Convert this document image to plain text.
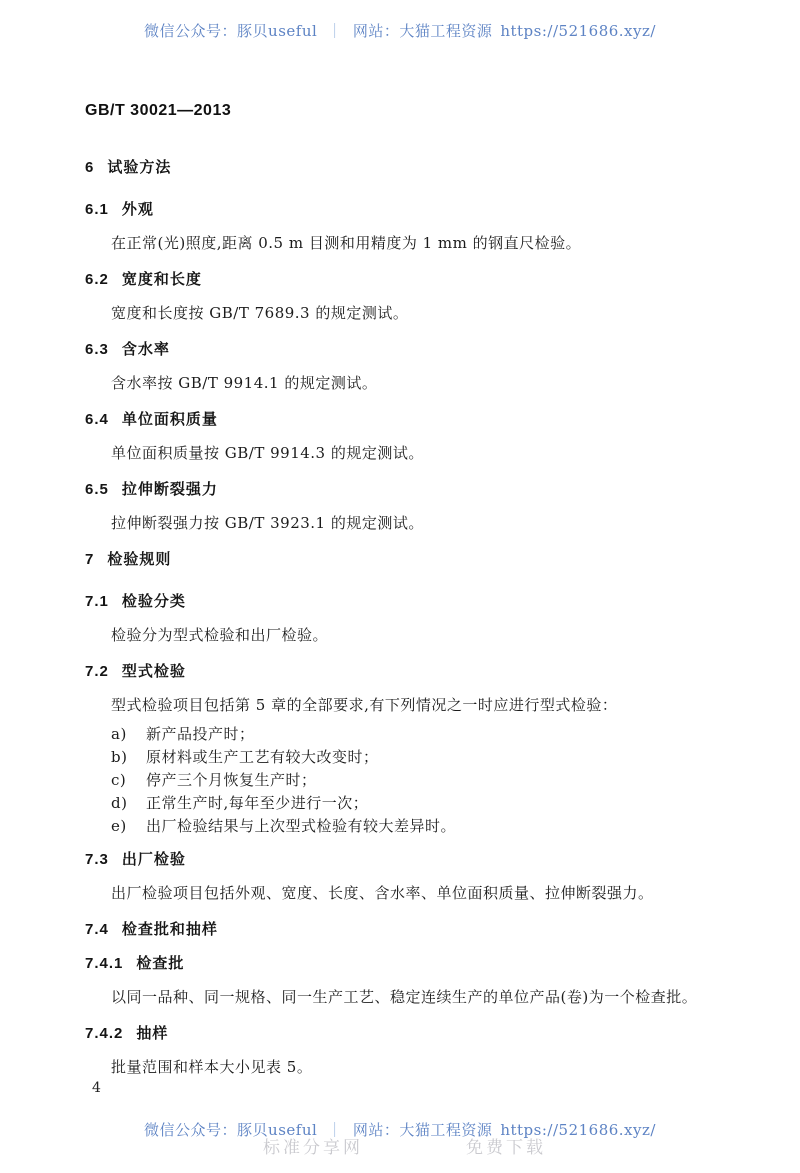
微信公众号：豚贝useful ｜ 网站：大猫工程资源 https://521686.xyz/
GB/T 30021—2013
6 试验方法
6.1 外观
在正常(光)照度,距离 0.5 m 目测和用精度为 1 mm 的钢直尺检验。
6.2 宽度和长度
宽度和长度按 GB/T 7689.3 的规定测试。
6.3 含水率
含水率按 GB/T 9914.1 的规定测试。
6.4 单位面积质量
单位面积质量按 GB/T 9914.3 的规定测试。
6.5 拉伸断裂强力
拉伸断裂强力按 GB/T 3923.1 的规定测试。
7 检验规则
7.1 检验分类
检验分为型式检验和出厂检验。
7.2 型式检验
型式检验项目包括第 5 章的全部要求,有下列情况之一时应进行型式检验：
a) 新产品投产时；
b) 原材料或生产工艺有较大改变时；
c) 停产三个月恢复生产时；
d) 正常生产时,每年至少进行一次；
e) 出厂检验结果与上次型式检验有较大差异时。
7.3 出厂检验
出厂检验项目包括外观、宽度、长度、含水率、单位面积质量、拉伸断裂强力。
7.4 检查批和抽样
7.4.1 检查批
以同一品种、同一规格、同一生产工艺、稳定连续生产的单位产品(卷)为一个检查批。
7.4.2 抽样
批量范围和样本大小见表 5。
4
标准分享网	免费下载
微信公众号：豚贝useful ｜ 网站：大猫工程资源 https://521686.xyz/
